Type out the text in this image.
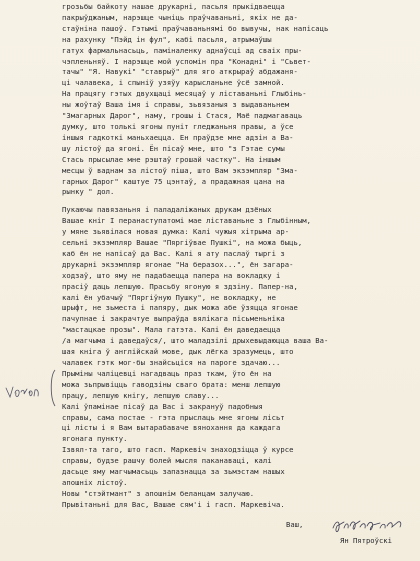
грозьбы байкоту нашае друкарні, пасьля прыкідваецца
пакрыўджаным, нарэшце чыніць праўчаваньні, якіх не да-
стаўніна пашоў. Гэтымі праўчаваньнямі бо вывучы, нак напісаць
на рахунку "Пэйд ін фул", кабі пасьля, атрымаўшы
гатух фармальнасьць, паміналенку аднаўсці ад сваіх пры-
чэпленьняў. І нарэшце мой успомін пра "Конадні" і "Сьвет-
тачы" "Я. Навукі" "ставрыў" для яго аткрыраў абдажаня-
ці чалавека, і спыніў узяўу карысланьне ўсё замной.
На працягу гэтых двухщаці месяцаў у ліставаньні Глыбінь-
ны жоўтаў Ваша імя і справы, зьвязаныя з выдаваньнем
"Змагарных Дарог", наму, грошы і Стася, Маё падмагаваць
думку, што толькі ягоны пуніт гледжаньня правы, а ўсе
іншыя гадкоткі маньхаецца. Ен праўдзе мне адзін а Ва-
шу лістоў да ягоні. Ён пісаў мне, што "з Гэтае сумы
Стась прысылае мне рэштаў грошай частку". На іншым
месцы ў ваднам за лістоў піша, што Вам экзэмпляр "Зма-
гарных Дарог" каштуе 75 цэнтаў, а прадажная цана на
рынку " дол.
Пукаючы павязаньня і паладаліжаных друкам дзёных
Вашае кніг І перанаступатомі мае ліставаньне з Глыбінным,
у мяне зьявілася новая думка: Калі чужыя хітрыма ар-
сельні экзэмпляр Вашае "Пяргіўвае Пушкі", на можа быць,
каб ён не напісаў да Вас. Калі я ату паслаў тыргі з
друкарні экзэмпляр ягонае "На беразох...", ён загара-
ходзаў, што яму не падабаецца папера на вокладку і
прасіў даць лепшую. Прасьбу ягоную я здзіну. Папер-на,
калі ён убачыў "Пяргіўную Пушку", не вокладку, не
шрыфт, не зьместа і папяру, дык можа абе ўзяцца ягонае
пачупнае і закрачтуе выпраўда вялікага пісьменьніка
"мастацкае прозы". Мала гатэта. Калі ён даведаецца
/а магчыма і даведаўся/, што маладзілі дрыхевыдаюцца ваша Ва-
шая кніга ў англійскай мове, дык лёгка зразумець, што
чалавек гэтк мог-бы знайсьціся на пароге здачаю...
Прыміны чаліцевці нагадваць праз ткам, ўто ён на
можа зьпрывіцць гаводзіны сваго брата: менш лепшую
працу, лепшую кнігу, лепшую славу...
Калі ўпамінае пісаў да Вас і закрануў падобныя
справы, сама постае - гэта прыслаць мне ягоны лісьт
ці лісты і я Вам вытарабаваче вянохання да каждага
ягонага пункту.
Ізвял-та таго, што гасп. Маркевіч знаходзіцца ў курсе
справы, будзе рашчу болей мысля паканаваці, калі
дасьце яму магчымасьць запазнацца за зьмэстам нашых
апошніх лістоў.
Новы "стэйтмант" з апошнім беланцам залучаю.
Прывітаньні для Вас, Вашае сям'і і гасп. Маркевіча.
Ваш,
Ян Пятроўскі
